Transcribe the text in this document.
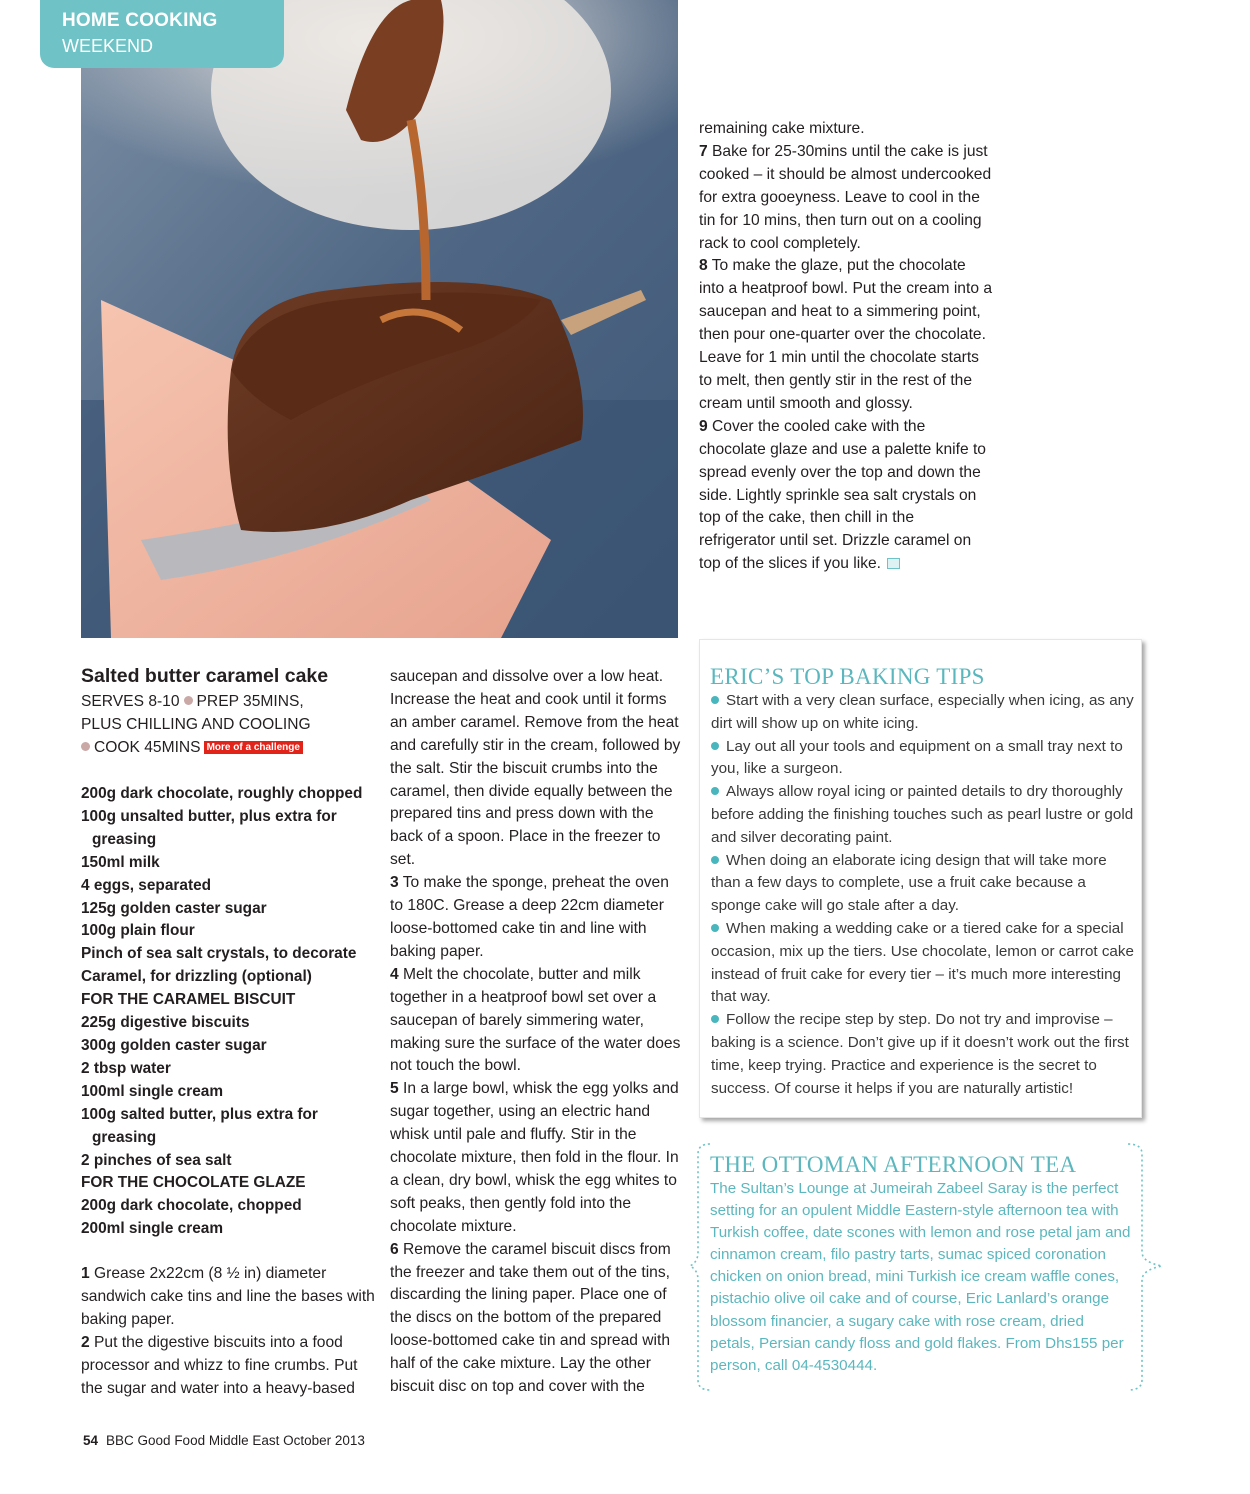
HOME COOKING
WEEKEND
Salted butter caramel cake
SERVES 8-10 PREP 35MINS,
PLUS CHILLING AND COOLING
COOK 45MINS More of a challenge
200g dark chocolate, roughly chopped
100g unsalted butter, plus extra for
greasing
150ml milk
4 eggs, separated
125g golden caster sugar
100g plain flour
Pinch of sea salt crystals, to decorate
Caramel, for drizzling (optional)
FOR THE CARAMEL BISCUIT
225g digestive biscuits
300g golden caster sugar
2 tbsp water
100ml single cream
100g salted butter, plus extra for
greasing
2 pinches of sea salt
FOR THE CHOCOLATE GLAZE
200g dark chocolate, chopped
200ml single cream

1 Grease 2x22cm (8 ½ in) diameter sandwich cake tins and line the bases with baking paper.

2 Put the digestive biscuits into a food processor and whizz to fine crumbs. Put the sugar and water into a heavy-based

saucepan and dissolve over a low heat. Increase the heat and cook until it forms an amber caramel. Remove from the heat and carefully stir in the cream, followed by the salt. Stir the biscuit crumbs into the caramel, then divide equally between the prepared tins and press down with the back of a spoon. Place in the freezer to set.

3 To make the sponge, preheat the oven to 180C. Grease a deep 22cm diameter loose-bottomed cake tin and line with baking paper.

4 Melt the chocolate, butter and milk together in a heatproof bowl set over a saucepan of barely simmering water, making sure the surface of the water does not touch the bowl.

5 In a large bowl, whisk the egg yolks and sugar together, using an electric hand whisk until pale and fluffy. Stir in the chocolate mixture, then fold in the flour. In a clean, dry bowl, whisk the egg whites to soft peaks, then gently fold into the chocolate mixture.

6 Remove the caramel biscuit discs from the freezer and take them out of the tins, discarding the lining paper. Place one of the discs on the bottom of the prepared loose-bottomed cake tin and spread with half of the cake mixture. Lay the other biscuit disc on top and cover with the

remaining cake mixture.

7 Bake for 25-30mins until the cake is just cooked – it should be almost undercooked for extra gooeyness. Leave to cool in the tin for 10 mins, then turn out on a cooling rack to cool completely.

8 To make the glaze, put the chocolate into a heatproof bowl. Put the cream into a saucepan and heat to a simmering point, then pour one-quarter over the chocolate. Leave for 1 min until the chocolate starts to melt, then gently stir in the rest of the cream until smooth and glossy.

9 Cover the cooled cake with the chocolate glaze and use a palette knife to spread evenly over the top and down the side. Lightly sprinkle sea salt crystals on top of the cake, then chill in the refrigerator until set. Drizzle caramel on top of the slices if you like.

ERIC’S TOP BAKING TIPS
Start with a very clean surface, especially when icing, as any dirt will show up on white icing.
Lay out all your tools and equipment on a small tray next to you, like a surgeon.
Always allow royal icing or painted details to dry thoroughly before adding the finishing touches such as pearl lustre or gold and silver decorating paint.
When doing an elaborate icing design that will take more than a few days to complete, use a fruit cake because a sponge cake will go stale after a day.
When making a wedding cake or a tiered cake for a special occasion, mix up the tiers. Use chocolate, lemon or carrot cake instead of fruit cake for every tier – it’s much more interesting that way.
Follow the recipe step by step. Do not try and improvise – baking is a science. Don’t give up if it doesn’t work out the first time, keep trying. Practice and experience is the secret to success. Of course it helps if you are naturally artistic!
THE OTTOMAN AFTERNOON TEA
The Sultan’s Lounge at Jumeirah Zabeel Saray is the perfect setting for an opulent Middle Eastern-style afternoon tea with Turkish coffee, date scones with lemon and rose petal jam and cinnamon cream, filo pastry tarts, sumac spiced coronation chicken on onion bread, mini Turkish ice cream waffle cones, pistachio olive oil cake and of course, Eric Lanlard’s orange blossom financier, a sugary cake with rose cream, dried petals, Persian candy floss and gold flakes. From Dhs155 per person, call 04-4530444.
54 BBC Good Food Middle East October 2013
